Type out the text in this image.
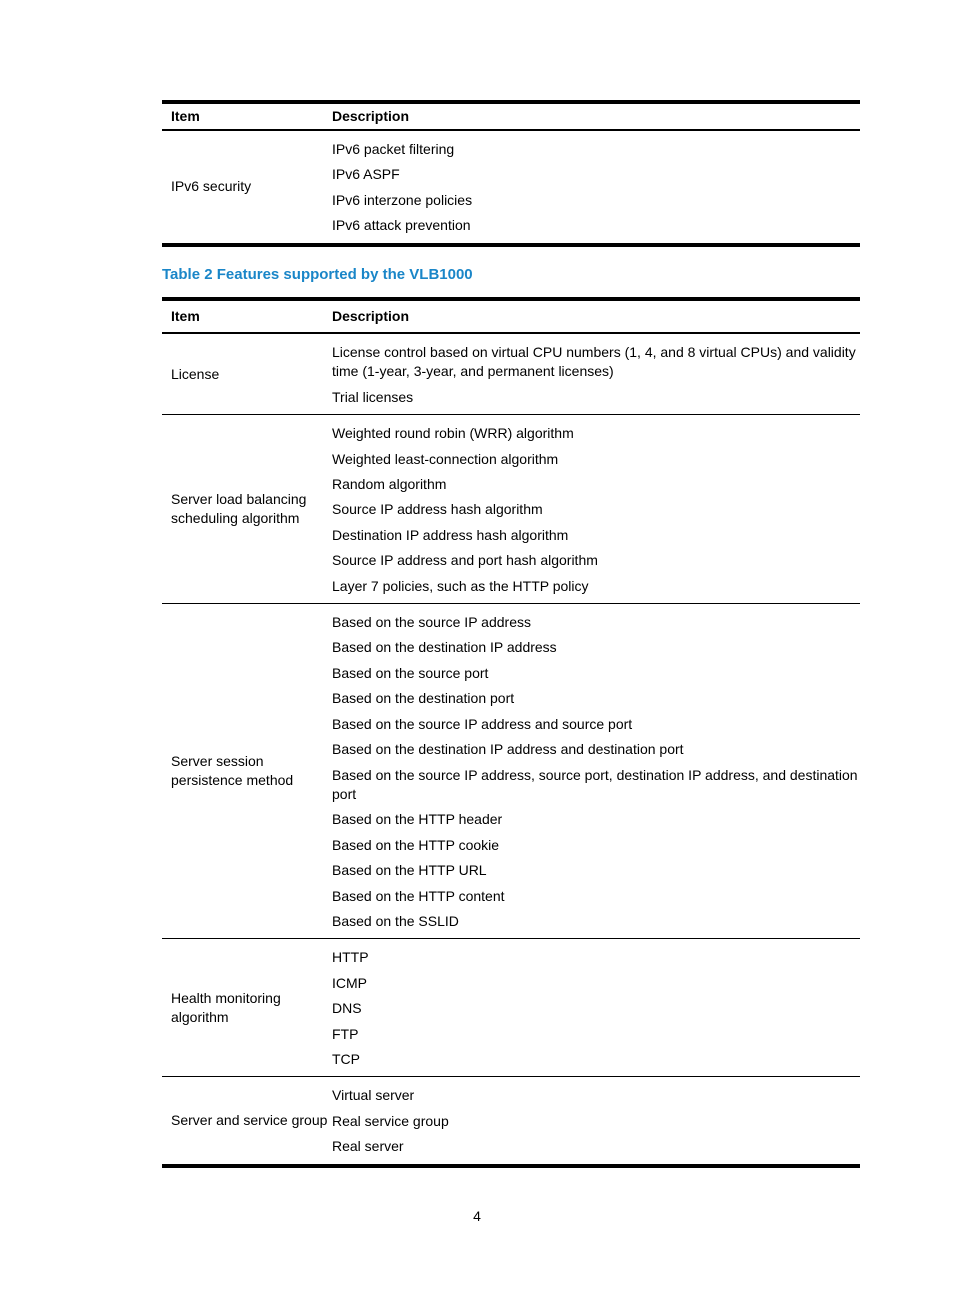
Item	Description
IPv6 security
IPv6 packet filtering
IPv6 ASPF
IPv6 interzone policies
IPv6 attack prevention
Table 2 Features supported by the VLB1000
Item	Description
License
License control based on virtual CPU numbers (1, 4, and 8 virtual CPUs) and validity time (1-year, 3-year, and permanent licenses)
Trial licenses
Server load balancing scheduling algorithm
Weighted round robin (WRR) algorithm
Weighted least-connection algorithm
Random algorithm
Source IP address hash algorithm
Destination IP address hash algorithm
Source IP address and port hash algorithm
Layer 7 policies, such as the HTTP policy
Server session persistence method
Based on the source IP address
Based on the destination IP address
Based on the source port
Based on the destination port
Based on the source IP address and source port
Based on the destination IP address and destination port
Based on the source IP address, source port, destination IP address, and destination port
Based on the HTTP header
Based on the HTTP cookie
Based on the HTTP URL
Based on the HTTP content
Based on the SSLID
Health monitoring algorithm
HTTP
ICMP
DNS
FTP
TCP
Server and service group
Virtual server
Real service group
Real server
4
